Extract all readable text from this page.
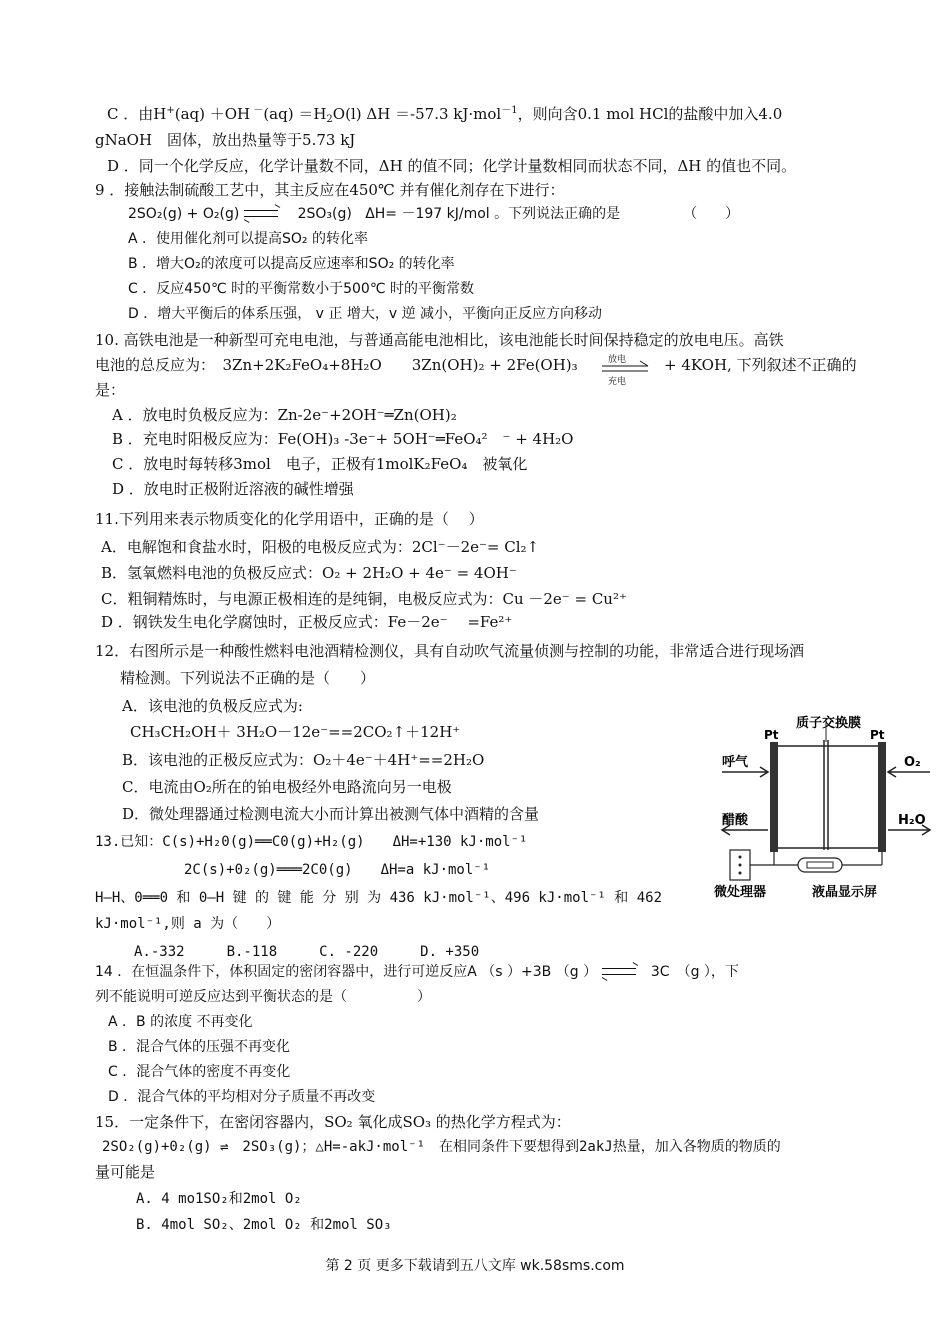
C ．由H+(aq) ＋OH $^-(aq) =H_2O(l)$ ΔH ＝-57.3 kJ·mol$^{-1}$，则向含0.1 mol HCl的盐酸中加入4.0
gNaOH　固体，放出热量等于5.73 kJ
D ．同一个化学反应，化学计量数不同，ΔH 的值不同；化学计量数相同而状态不同，ΔH 的值也不同。
9 ．接触法制硫酸工艺中，其主反应在450℃ 并有催化剂存在下进行：
2SO₂(g) + O₂(g)	2SO₃(g) ΔH= －197 kJ/mol 。下列说法正确的是　　　　　（　　）
A ．使用催化剂可以提高SO₂ 的转化率
B ．增大O₂的浓度可以提高反应速率和SO₂ 的转化率
C ．反应450℃ 时的平衡常数小于500℃ 时的平衡常数
D ．增大平衡后的体系压强， v 正 增大，v 逆 减小，平衡向正反应方向移动
10. 高铁电池是一种新型可充电电池，与普通高能电池相比，该电池能长时间保持稳定的放电电压。高铁
电池的总反应为：　3Zn+2K₂FeO₄+8H₂O　　3Zn(OH)₂ + 2Fe(OH)₃	放电
充电
+ 4KOH, 下列叙述不正确的
是：
A ．放电时负极反应为：Zn-2e⁻+2OH⁻═Zn(OH)₂
B ．充电时阳极反应为：Fe(OH)₃ -3e⁻+ 5OH⁻═FeO₄²　⁻ + 4H₂O
C ．放电时每转移3mol　电子，正极有1molK₂FeO₄　被氧化
D ．放电时正极附近溶液的碱性增强
11.下列用来表示物质变化的化学用语中，正确的是（　 ）
A．电解饱和食盐水时，阳极的电极反应式为：2Cl⁻－2e⁻= Cl₂↑
B．氢氧燃料电池的负极反应式：O₂ + 2H₂O + 4e⁻ = 4OH⁻
C．粗铜精炼时，与电源正极相连的是纯铜，电极反应式为：Cu －2e⁻ = Cu²⁺
D ．钢铁发生电化学腐蚀时，正极反应式：Fe－2e⁻　 =Fe²⁺
12．右图所示是一种酸性燃料电池酒精检测仪，具有自动吹气流量侦测与控制的功能，非常适合进行现场酒
精检测。下列说法不正确的是（　　）
A．该电池的负极反应式为:
CH₃CH₂OH＋ 3H₂O－12e⁻==2CO₂↑＋12H⁺
B．该电池的正极反应式为：O₂＋4e⁻＋4H⁺==2H₂O
C．电流由O₂所在的铂电极经外电路流向另一电极
D．微处理器通过检测电流大小而计算出被测气体中酒精的含量
质子交换膜
Pt	Pt
呼气	O₂
醋酸	H₂O
微处理器	液晶显示屏
13.已知：C(s)+H₂0(g)══C0(g)+H₂(g)　　ΔH=+130 kJ·mol⁻¹
2C(s)+0₂(g)═══2C0(g)　　ΔH=a kJ·mol⁻¹
H—H、0══0 和 0—H 键 的 键 能 分 别 为 436 kJ·mol⁻¹、496 kJ·mol⁻¹ 和 462
kJ·mol⁻¹,则 a 为（　　）
A.-332　　　B.-118　　　C. -220　　　D. +350
14 ．在恒温条件下，体积固定的密闭容器中，进行可逆反应A （s ）+3B （g ）	3C　（g ），下
列不能说明可逆反应达到平衡状态的是（　　　　　）
A ．B 的浓度 不再变化
B ．混合气体的压强不再变化
C ．混合气体的密度不再变化
D ．混合气体的平均相对分子质量不再改变
15．一定条件下，在密闭容器内，SO₂ 氧化成SO₃ 的热化学方程式为：
2SO₂(g)+0₂(g) ⇌　2SO₃(g)；△H=-akJ·mol⁻¹　在相同条件下要想得到2akJ热量，加入各物质的物质的
量可能是
A. 4 mo1SO₂和2mol O₂
B. 4mol SO₂、2mol O₂ 和2mol SO₃
第 2 页 更多下载请到五八文库 wk.58sms.com
